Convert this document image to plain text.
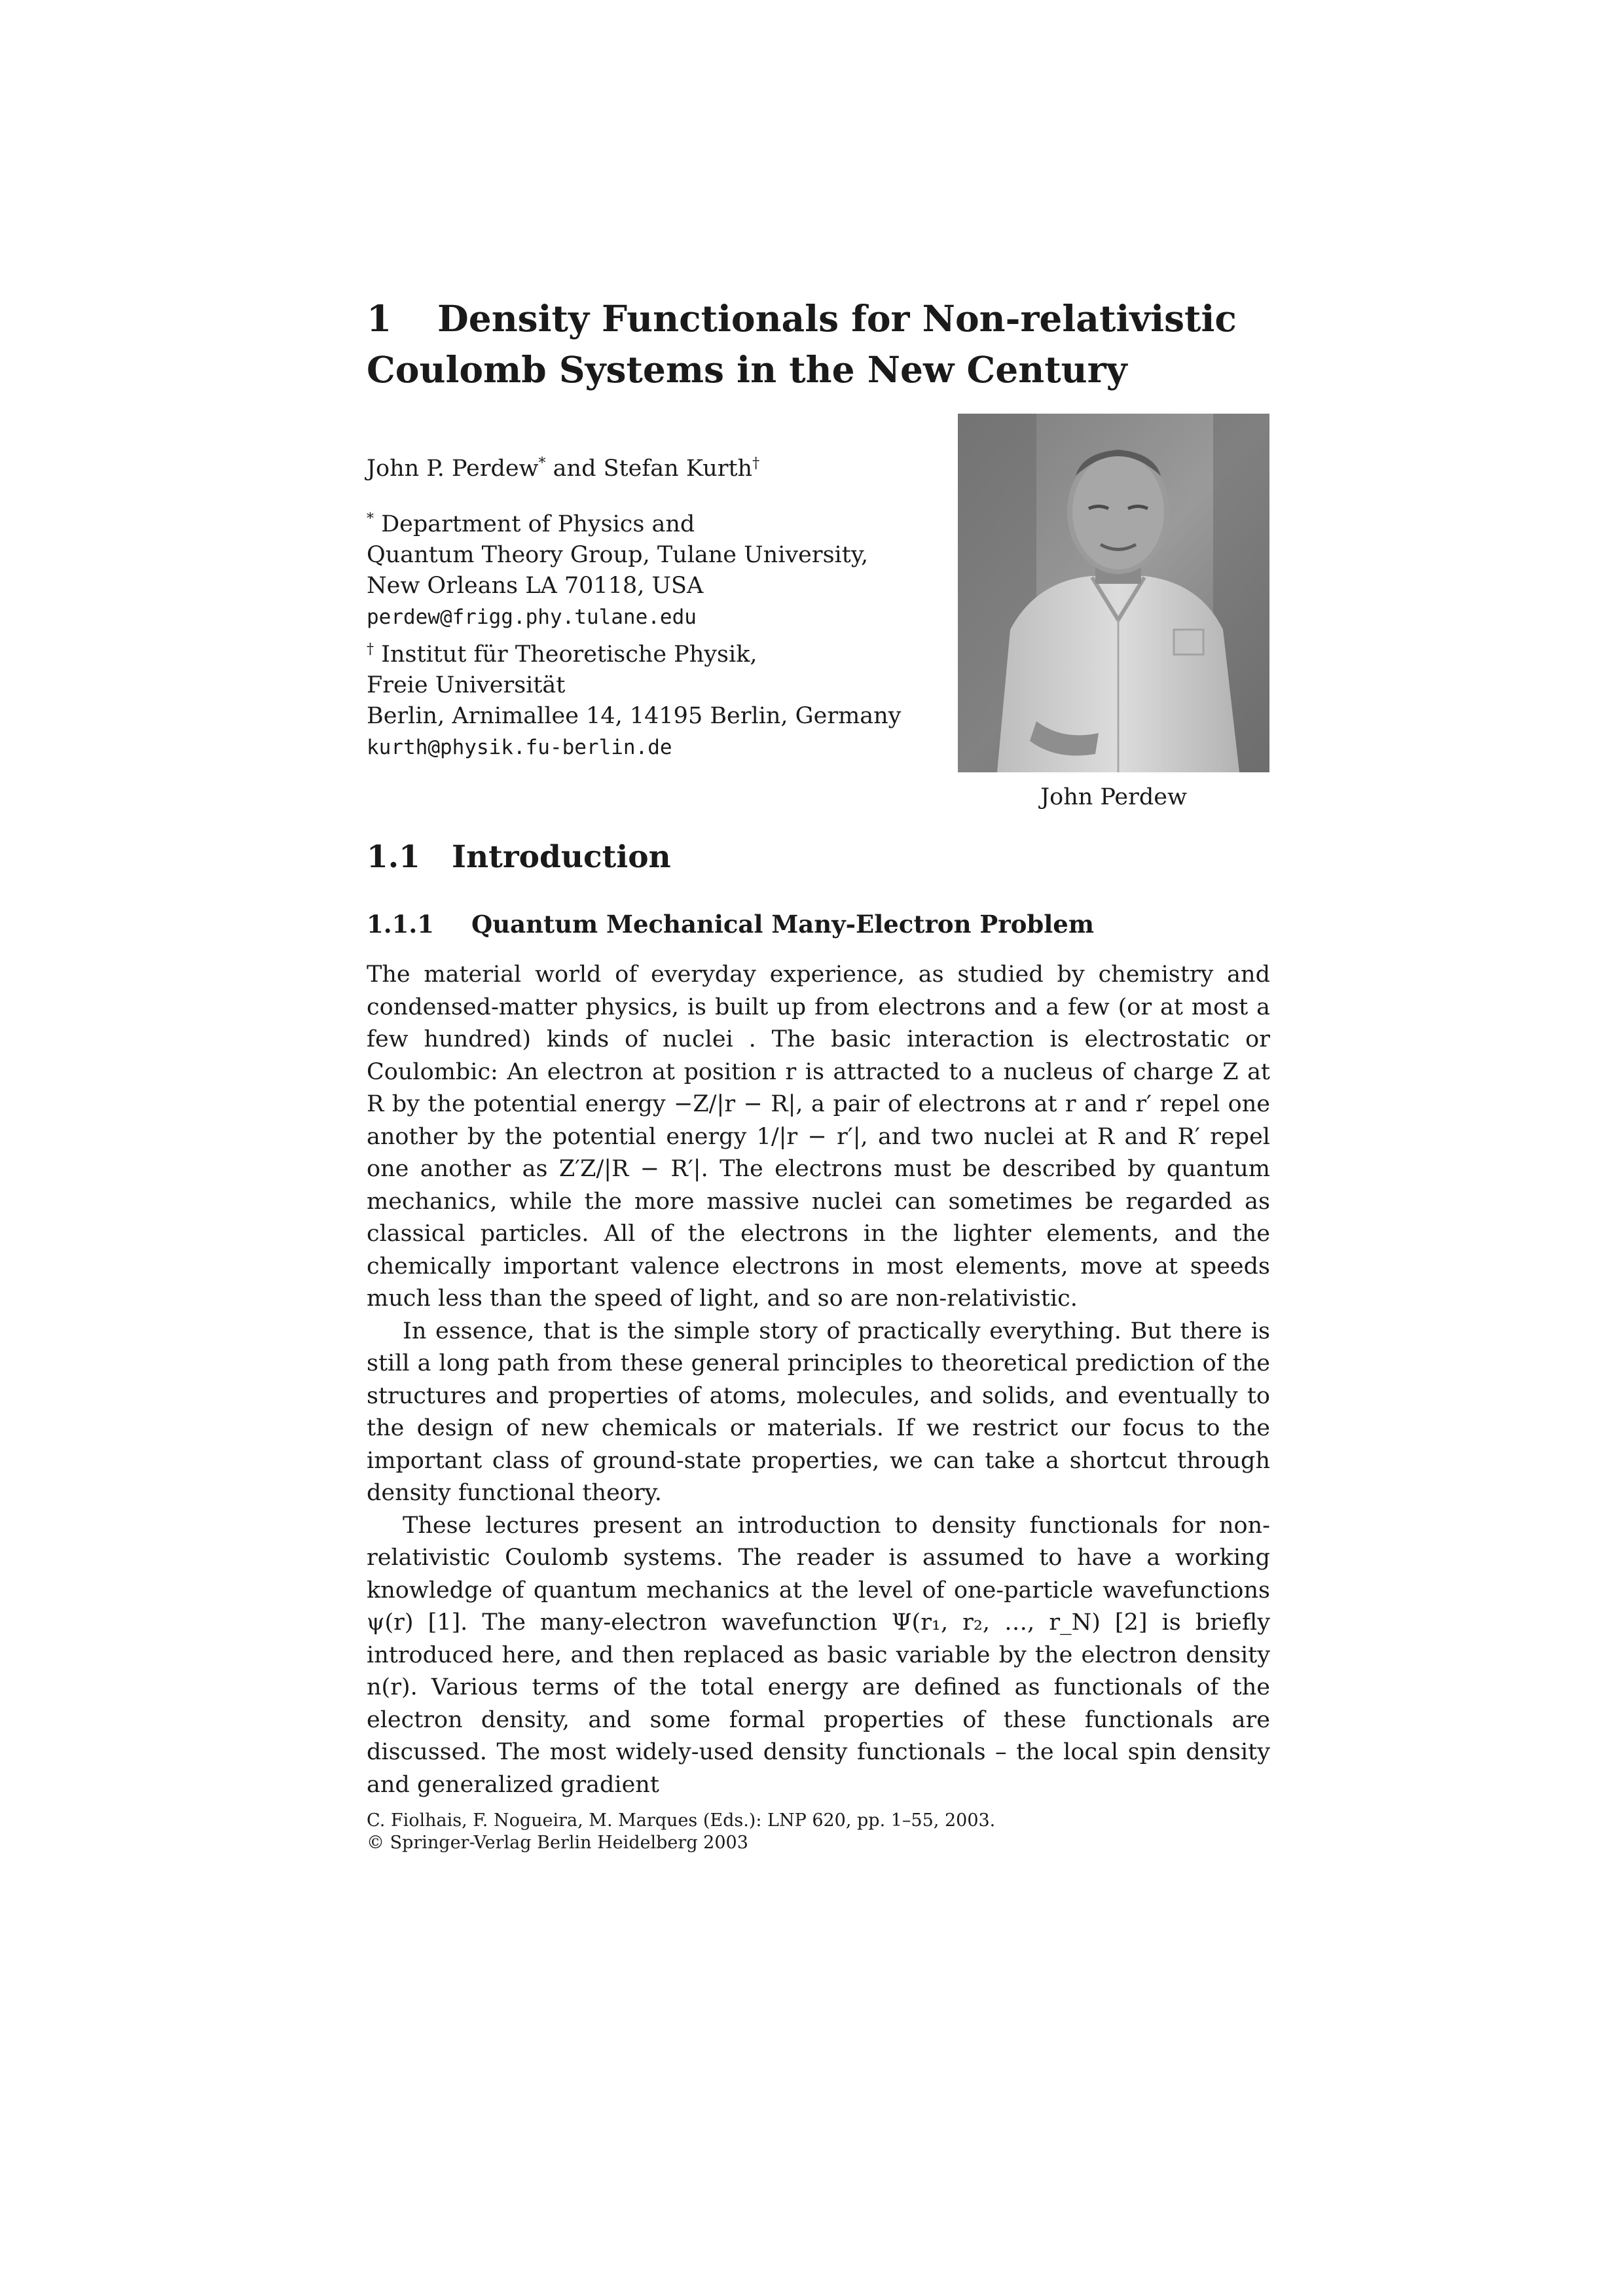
1 Density Functionals for Non-relativistic
Coulomb Systems in the New Century
John P. Perdew* and Stefan Kurth†
* Department of Physics and
Quantum Theory Group, Tulane University,
New Orleans LA 70118, USA
perdew@frigg.phy.tulane.edu
† Institut für Theoretische Physik,
Freie Universität
Berlin, Arnimallee 14, 14195 Berlin, Germany
kurth@physik.fu-berlin.de
John Perdew
1.1 Introduction
1.1.1 Quantum Mechanical Many-Electron Problem

The material world of everyday experience, as studied by chemistry and condensed-matter physics, is built up from electrons and a few (or at most a few hundred) kinds of nuclei . The basic interaction is electrostatic or Coulombic: An electron at position r is attracted to a nucleus of charge Z at R by the potential energy −Z/|r − R|, a pair of electrons at r and r′ repel one another by the potential energy 1/|r − r′|, and two nuclei at R and R′ repel one another as Z′Z/|R − R′|. The electrons must be described by quantum mechanics, while the more massive nuclei can sometimes be regarded as classical particles. All of the electrons in the lighter elements, and the chemically important valence electrons in most elements, move at speeds much less than the speed of light, and so are non-relativistic.

In essence, that is the simple story of practically everything. But there is still a long path from these general principles to theoretical prediction of the structures and properties of atoms, molecules, and solids, and eventually to the design of new chemicals or materials. If we restrict our focus to the important class of ground-state properties, we can take a shortcut through density functional theory.

These lectures present an introduction to density functionals for non-relativistic Coulomb systems. The reader is assumed to have a working knowledge of quantum mechanics at the level of one-particle wavefunctions ψ(r) [1]. The many-electron wavefunction Ψ(r₁, r₂, …, r_N) [2] is briefly introduced here, and then replaced as basic variable by the electron density n(r). Various terms of the total energy are defined as functionals of the electron density, and some formal properties of these functionals are discussed. The most widely-used density functionals – the local spin density and generalized gradient

C. Fiolhais, F. Nogueira, M. Marques (Eds.): LNP 620, pp. 1–55, 2003.
© Springer-Verlag Berlin Heidelberg 2003
